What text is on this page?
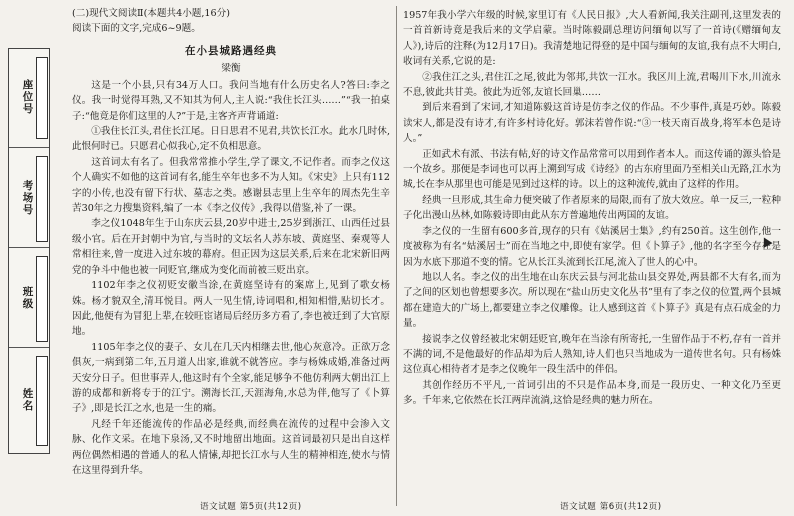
座位号
考场号
班级
姓名

(二)现代文阅读Ⅱ(本题共4小题,16分)

阅读下面的文字,完成6~9题。

在小县城路遇经典
梁衡

这是一个小县,只有34万人口。我问当地有什么历史名人?答曰:李之仪。我一时觉得耳熟,又不知其为何人,主人说:“我住长江头……”“我一拍桌子:“他竟是你们这里的人?”于是,主客齐声背诵道:

①我住长江头,君住长江尾。日日思君不见君,共饮长江水。此水几时休,此恨何时已。只愿君心似我心,定不负相思意。

这首词太有名了。但我常常推小学生,学了课文,不记作者。而李之仪这个人确实不如他的这首词有名,能生卒年也多不为人知。《宋史》上只有112字的小传,也没有留下行状、墓志之类。感谢县志里上生卒年的周杰先生辛苦30年之力搜集资料,编了一本《李之仪传》,我得以借鉴,补了一课。

李之仪1048年生于山东庆云县,20岁中进士,25岁到浙江、山西任过县级小官。后在开封朝中为官,与当时的文坛名人苏东坡、黄庭坚、秦观等人常相往来,曾一度进入过东坡的幕府。但正因为这层关系,后来在北宋新旧两党的争斗中他也被一同贬官,继成为变化而前被三贬出京。

1102年李之仪初贬安徽当涂,在黄庭坚诗有的案席上,见到了歌女杨姝。杨才貌双全,清耳悦目。两人一见生情,诗词唱和,相知相惜,贴切长才。因此,他便有为冒犯上辈,在较旺宦诸局后经历多方看了,李也被迁到了大官原地。

1105年李之仪的妻子、女儿在几天内相继去世,他心灰意冷。正欲万念俱灰,一病到第二年,五月道人出家,谁就不就答应。李与杨姝成婚,准备过两天安分日子。但世事弄人,他这时有个全家,能足够争不他仿利两大朝出江上游的成都和新将专于的江宁。溯海长江,天涯海角,水总为伴,他写了《卜算子》,即是长江之水,也是一生的痛。

凡经千年还能流传的作品必是经典,而经典在流传的过程中会渗入文脉、化作文采。在地下泉汤,又不时地留出地面。这首词最初只是出自这样两位偶然相遇的普通人的私人情愫,却把长江水与人生的精神相连,使水与情在这里得到升华。

1957年我小学六年级的时候,家里订有《人民日报》,大人看新闻,我关注副刊,这里发表的一首首新诗竟是我后来的文学启蒙。当时陈毅副总理访问缅甸以写了一首诗(《赠缅甸友人》),诗后的注释(为12月17日)。我清楚地记得登的是中国与缅甸的友谊,我有点不大明白,收词有关系,它说的是:

②我住江之头,君住江之尾,彼此为邻邦,共饮一江水。我区川上流,君喝川下水,川流永不息,彼此共甘美。彼此为近邻,友谊长回巢……

到后来看到了宋词,才知道陈毅这首诗是仿李之仪的作品。不少事件,真是巧妙。陈毅读宋人,都是没有诗才,有许多村诗化好。郭沫若曾作说:“③一枝天南百战身,将军本色是诗人。”

正如武术有派、书法有帖,好的诗文作品常常可以用到作者本人。而这传诵的源头恰是一个故乡。那便是李词也可以再上溯到写成《诗经》的古东府里面乃至相关山无路,江水为城,长在李从那里也可能是见到过这样的诗。以上的这种流传,就由了这样的作用。

经典一旦形成,其生命力便突破了作者原来的局限,而有了放大效应。单一反三,一粒种子化出漫山丛林,如陈毅诗即由此从东方普遍地传出两国的友谊。

李之仪的一生留有600多首,现存的只有《姑溪居士集》,约有250首。这生创作,他一度被称为有名“姑溪居士”而在当地之中,即使有家学。但《卜算子》,他的名字至今存在是因为水底下那道不变的情。它从长江头流到长江尾,流入了世人的心中。

地以人名。李之仪的出生地在山东庆云县与河北盐山县交界处,两县都不大有名,而为了之间的区划也曾想要多次。所以现在“盐山历史文化丛书”里有了李之仪的位置,两个县城都在建造大的广场上,都要建立李之仪雕像。让人感到这首《卜算子》真是有点石成金的力量。

接说李之仪曾经被北宋朝廷贬官,晚年在当涂有所寄托,一生留作品于不朽,存有一首并不满的词,不是他最好的作品却为后人熟知,诗人们也只当地成为一道传世名句。只有杨姝这位真心相待者才是李之仪晚年一段生活中的伴侣。

其创作经历不平凡,一首词引出的不只是作品本身,而是一段历史、一种文化乃至更多。千年来,它依然在长江两岸流淌,这恰是经典的魅力所在。

语文试题 第5页(共12页)	语文试题 第6页(共12页)
